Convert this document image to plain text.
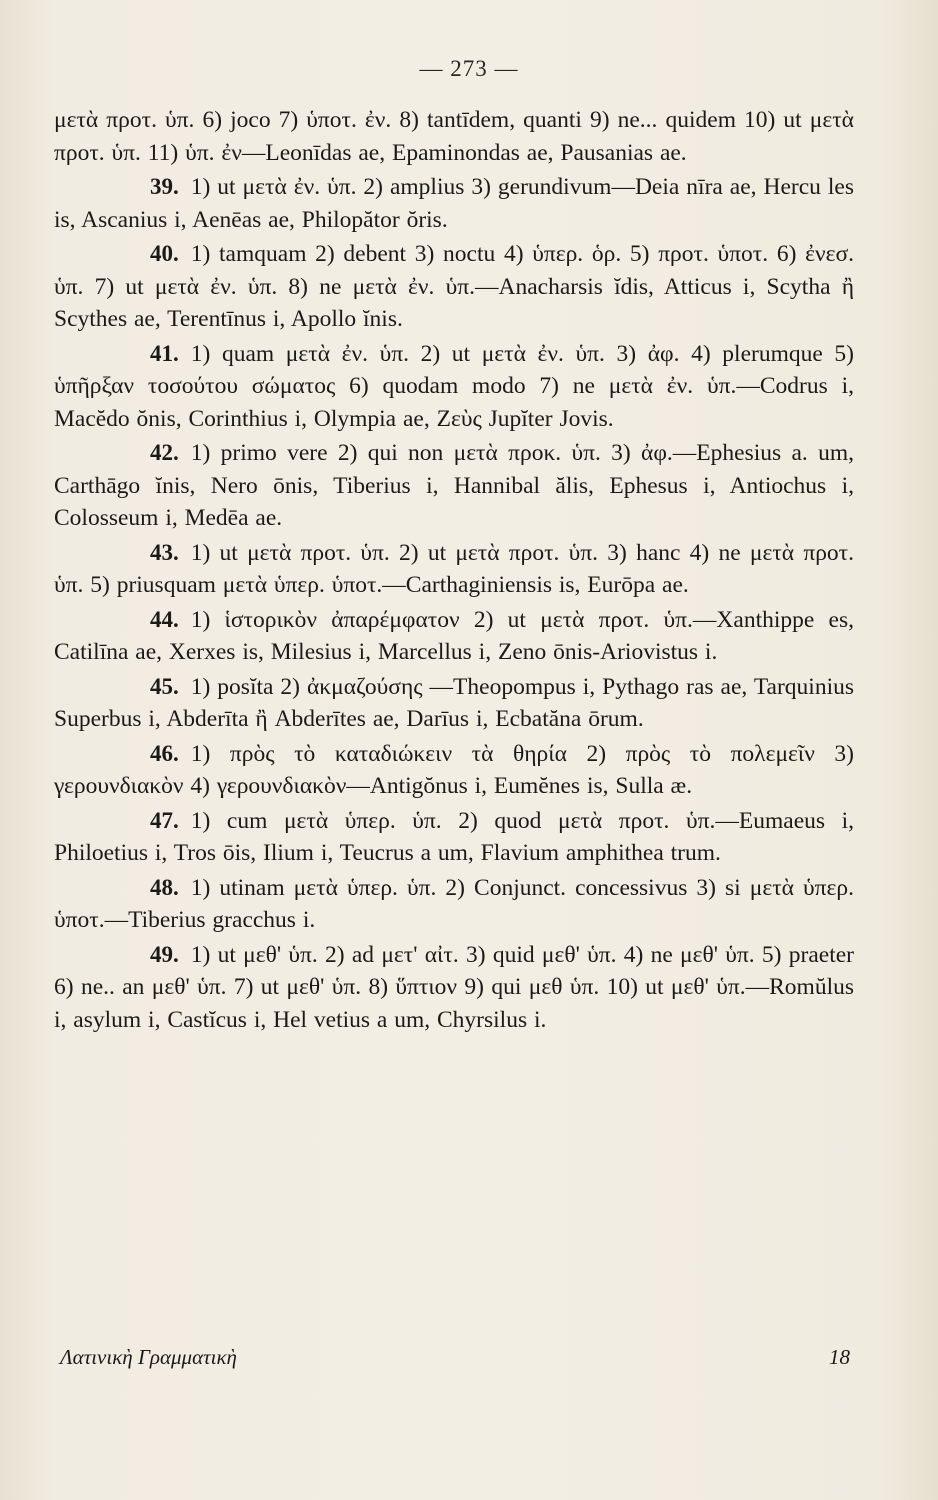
— 273 —

μετὰ προτ. ὑπ. 6) joco 7) ὑποτ. ἐν. 8) tantīdem, quanti 9) ne... quidem 10) ut μετὰ προτ. ὑπ. 11) ὑπ. ἐν—Leonīdas ae, Epaminondas ae, Pausanias ae.

39. 1) ut μετὰ ἐν. ὑπ. 2) amplius 3) gerundivum—Deia nīra ae, Hercu les is, Ascanius i, Aenēas ae, Philopător ŏris.

40. 1) tamquam 2) debent 3) noctu 4) ὑπερ. ὁρ. 5) προτ. ὑποτ. 6) ἐνεσ. ὑπ. 7) ut μετὰ ἐν. ὑπ. 8) ne μετὰ ἐν. ὑπ.—Anacharsis ĭdis, Atticus i, Scytha ἢ Scythes ae, Terentīnus i, Apollo ĭnis.

41. 1) quam μετὰ ἐν. ὑπ. 2) ut μετὰ ἐν. ὑπ. 3) ἀφ. 4) plerumque 5) ὑπῆρξαν τοσούτου σώματος 6) quodam modo 7) ne μετὰ ἐν. ὑπ.—Codrus i, Macĕdo ŏnis, Corinthius i, Olympia ae, Ζεὺς Jupĭter Jovis.

42. 1) primo vere 2) qui non μετὰ προκ. ὑπ. 3) ἀφ.—Ephesius a. um, Carthāgo ĭnis, Nero ōnis, Tiberius i, Hannibal ălis, Ephesus i, Antiochus i, Colosseum i, Medēa ae.

43. 1) ut μετὰ προτ. ὑπ. 2) ut μετὰ προτ. ὑπ. 3) hanc 4) ne μετὰ προτ. ὑπ. 5) priusquam μετὰ ὑπερ. ὑποτ.—Carthaginiensis is, Eurōpa ae.

44. 1) ἱστορικὸν ἀπαρέμφατον 2) ut μετὰ προτ. ὑπ.—Xanthippe es, Catilīna ae, Xerxes is, Milesius i, Marcellus i, Zeno ōnis-Ariovistus i.

45. 1) posĭta 2) ἀκμαζούσης —Theopompus i, Pythago ras ae, Tarquinius Superbus i, Abderīta ἢ Abderītes ae, Darīus i, Ecbatăna ōrum.

46. 1) πρὸς τὸ καταδιώκειν τὰ θηρία 2) πρὸς τὸ πολεμεῖν 3) γερουνδιακὸν 4) γερουνδιακὸν—Antigŏnus i, Eumĕnes is, Sulla æ.

47. 1) cum μετὰ ὑπερ. ὑπ. 2) quod μετὰ προτ. ὑπ.—Eumaeus i, Philoetius i, Tros ōis, Ilium i, Teucrus a um, Flavium amphithea trum.

48. 1) utinam μετὰ ὑπερ. ὑπ. 2) Conjunct. concessivus 3) si μετὰ ὑπερ. ὑποτ.—Tiberius gracchus i.

49. 1) ut μεθ' ὑπ. 2) ad μετ' αἰτ. 3) quid μεθ' ὑπ. 4) ne μεθ' ὑπ. 5) praeter 6) ne.. an μεθ' ὑπ. 7) ut μεθ' ὑπ. 8) ὕπτιον 9) qui μεθ ὑπ. 10) ut μεθ' ὑπ.—Romŭlus i, asylum i, Castĭcus i, Hel vetius a um, Chyrsilus i.

Λατινικὴ Γραμματικὴ	18
